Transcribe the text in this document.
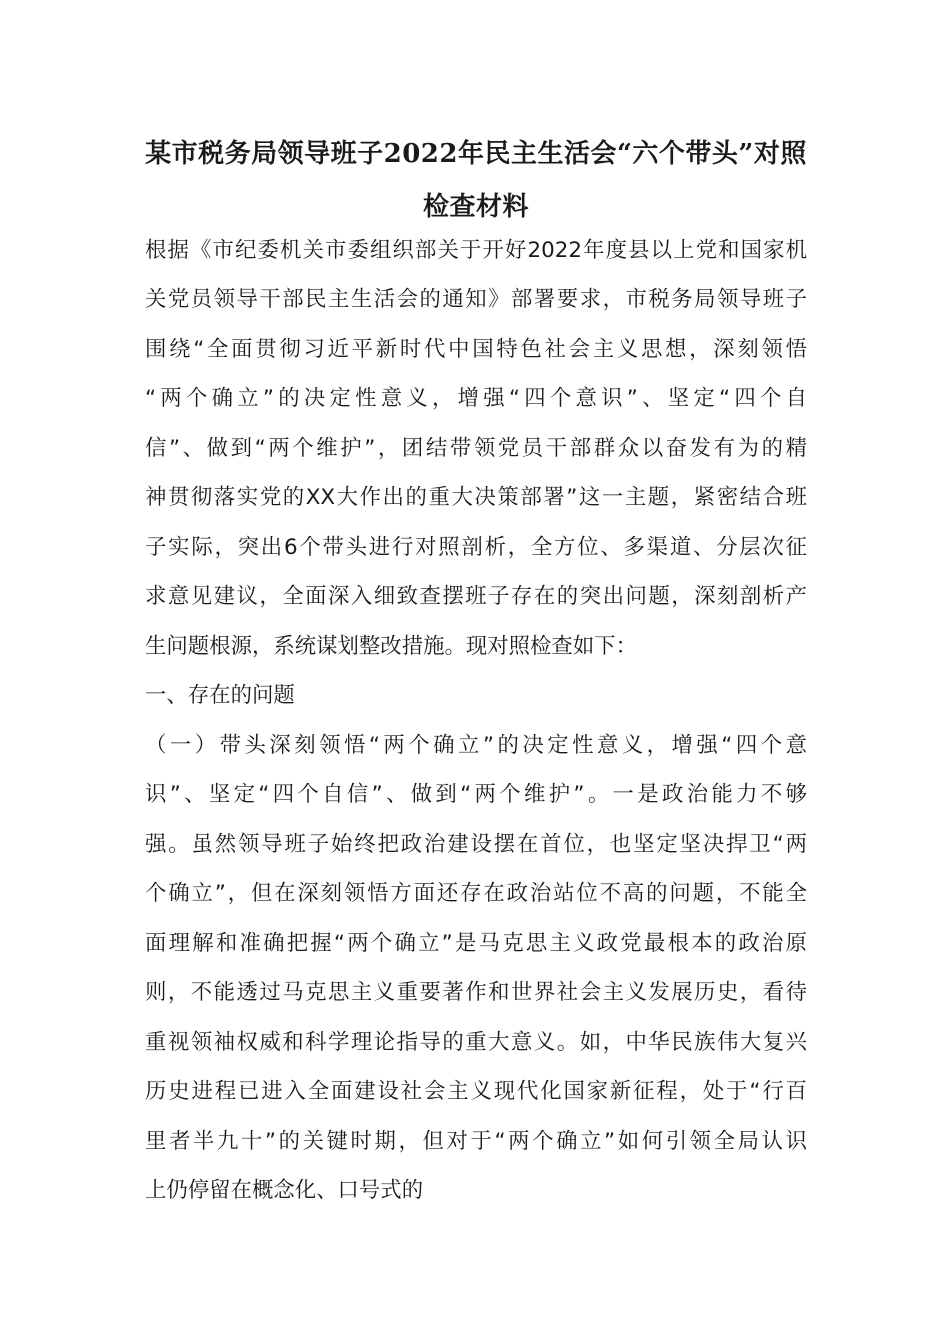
某市税务局领导班子2022年民主生活会“六个带头”对照
检查材料

根据《市纪委机关市委组织部关于开好2022年度县以上党和国家机

关党员领导干部民主生活会的通知》部署要求，市税务局领导班子

围绕“全面贯彻习近平新时代中国特色社会主义思想，深刻领悟

“两个确立”的决定性意义，增强“四个意识”、坚定“四个自

信”、做到“两个维护”，团结带领党员干部群众以奋发有为的精

神贯彻落实党的XX大作出的重大决策部署”这一主题，紧密结合班

子实际，突出6个带头进行对照剖析，全方位、多渠道、分层次征

求意见建议，全面深入细致查摆班子存在的突出问题，深刻剖析产

生问题根源，系统谋划整改措施。现对照检查如下：

一、存在的问题

（一）带头深刻领悟“两个确立”的决定性意义，增强“四个意

识”、坚定“四个自信”、做到“两个维护”。一是政治能力不够

强。虽然领导班子始终把政治建设摆在首位，也坚定坚决捍卫“两

个确立”，但在深刻领悟方面还存在政治站位不高的问题，不能全

面理解和准确把握“两个确立”是马克思主义政党最根本的政治原

则，不能透过马克思主义重要著作和世界社会主义发展历史，看待

重视领袖权威和科学理论指导的重大意义。如，中华民族伟大复兴

历史进程已进入全面建设社会主义现代化国家新征程，处于“行百

里者半九十”的关键时期，但对于“两个确立”如何引领全局认识

上仍停留在概念化、口号式的
